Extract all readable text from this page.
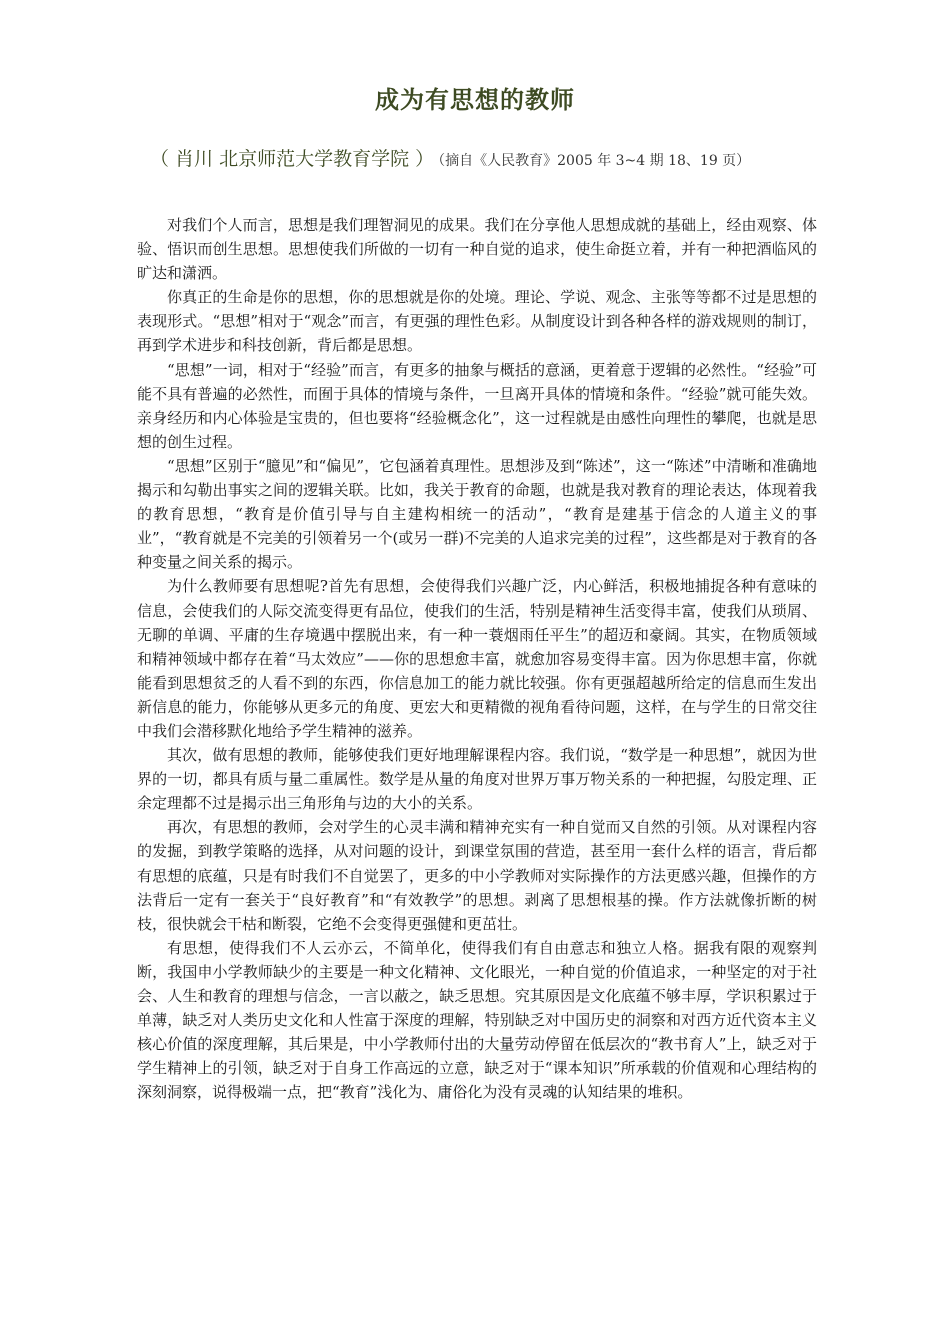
成为有思想的教师
（ 肖川 北京师范大学教育学院 ） （摘自《人民教育》2005 年 3~4 期 18、19 页）

对我们个人而言，思想是我们理智洞见的成果。我们在分享他人思想成就的基础上，经由观察、体验、悟识而创生思想。思想使我们所做的一切有一种自觉的追求，使生命挺立着，并有一种把酒临风的旷达和潇洒。

你真正的生命是你的思想，你的思想就是你的处境。理论、学说、观念、主张等等都不过是思想的表现形式。“思想”相对于“观念”而言，有更强的理性色彩。从制度设计到各种各样的游戏规则的制订，再到学术进步和科技创新，背后都是思想。

“思想”一词，相对于“经验”而言，有更多的抽象与概括的意涵，更着意于逻辑的必然性。“经验”可能不具有普遍的必然性，而囿于具体的情境与条件，一旦离开具体的情境和条件。“经验”就可能失效。亲身经历和内心体验是宝贵的，但也要将“经验概念化”，这一过程就是由感性向理性的攀爬，也就是思想的创生过程。

“思想”区别于“臆见”和“偏见”，它包涵着真理性。思想涉及到“陈述”，这一“陈述”中清晰和准确地揭示和勾勒出事实之间的逻辑关联。比如，我关于教育的命题，也就是我对教育的理论表达，体现着我的教育思想，“教育是价值引导与自主建构相统一的活动”，“教育是建基于信念的人道主义的事业”，“教育就是不完美的引领着另一个(或另一群)不完美的人追求完美的过程”，这些都是对于教育的各种变量之间关系的揭示。

为什么教师要有思想呢?首先有思想，会使得我们兴趣广泛，内心鲜活，积极地捕捉各种有意味的信息，会使我们的人际交流变得更有品位，使我们的生活，特别是精神生活变得丰富，使我们从琐屑、无聊的单调、平庸的生存境遇中摆脱出来，有一种一蓑烟雨任平生”的超迈和豪阔。其实，在物质领域和精神领域中都存在着“马太效应”——你的思想愈丰富，就愈加容易变得丰富。因为你思想丰富，你就能看到思想贫乏的人看不到的东西，你信息加工的能力就比较强。你有更强超越所给定的信息而生发出新信息的能力，你能够从更多元的角度、更宏大和更精微的视角看待问题，这样，在与学生的日常交往中我们会潜移默化地给予学生精神的滋养。

其次，做有思想的教师，能够使我们更好地理解课程内容。我们说，“数学是一种思想”，就因为世界的一切，都具有质与量二重属性。数学是从量的角度对世界万事万物关系的一种把握，勾股定理、正余定理都不过是揭示出三角形角与边的大小的关系。

再次，有思想的教师，会对学生的心灵丰满和精神充实有一种自觉而又自然的引领。从对课程内容的发掘，到教学策略的选择，从对问题的设计，到课堂氛围的营造，甚至用一套什么样的语言，背后都有思想的底蕴，只是有时我们不自觉罢了，更多的中小学教师对实际操作的方法更感兴趣，但操作的方法背后一定有一套关于“良好教育”和“有效教学”的思想。剥离了思想根基的操。作方法就像折断的树枝，很快就会干枯和断裂，它绝不会变得更强健和更茁壮。

有思想，使得我们不人云亦云，不简单化，使得我们有自由意志和独立人格。据我有限的观察判断，我国申小学教师缺少的主要是一种文化精神、文化眼光，一种自觉的价值追求，一种坚定的对于社会、人生和教育的理想与信念，一言以蔽之，缺乏思想。究其原因是文化底蕴不够丰厚，学识积累过于单薄，缺乏对人类历史文化和人性富于深度的理解，特别缺乏对中国历史的洞察和对西方近代资本主义核心价值的深度理解，其后果是，中小学教师付出的大量劳动停留在低层次的“教书育人”上，缺乏对于学生精神上的引领，缺乏对于自身工作高远的立意，缺乏对于“课本知识”所承载的价值观和心理结构的深刻洞察，说得极端一点，把“教育”浅化为、庸俗化为没有灵魂的认知结果的堆积。
